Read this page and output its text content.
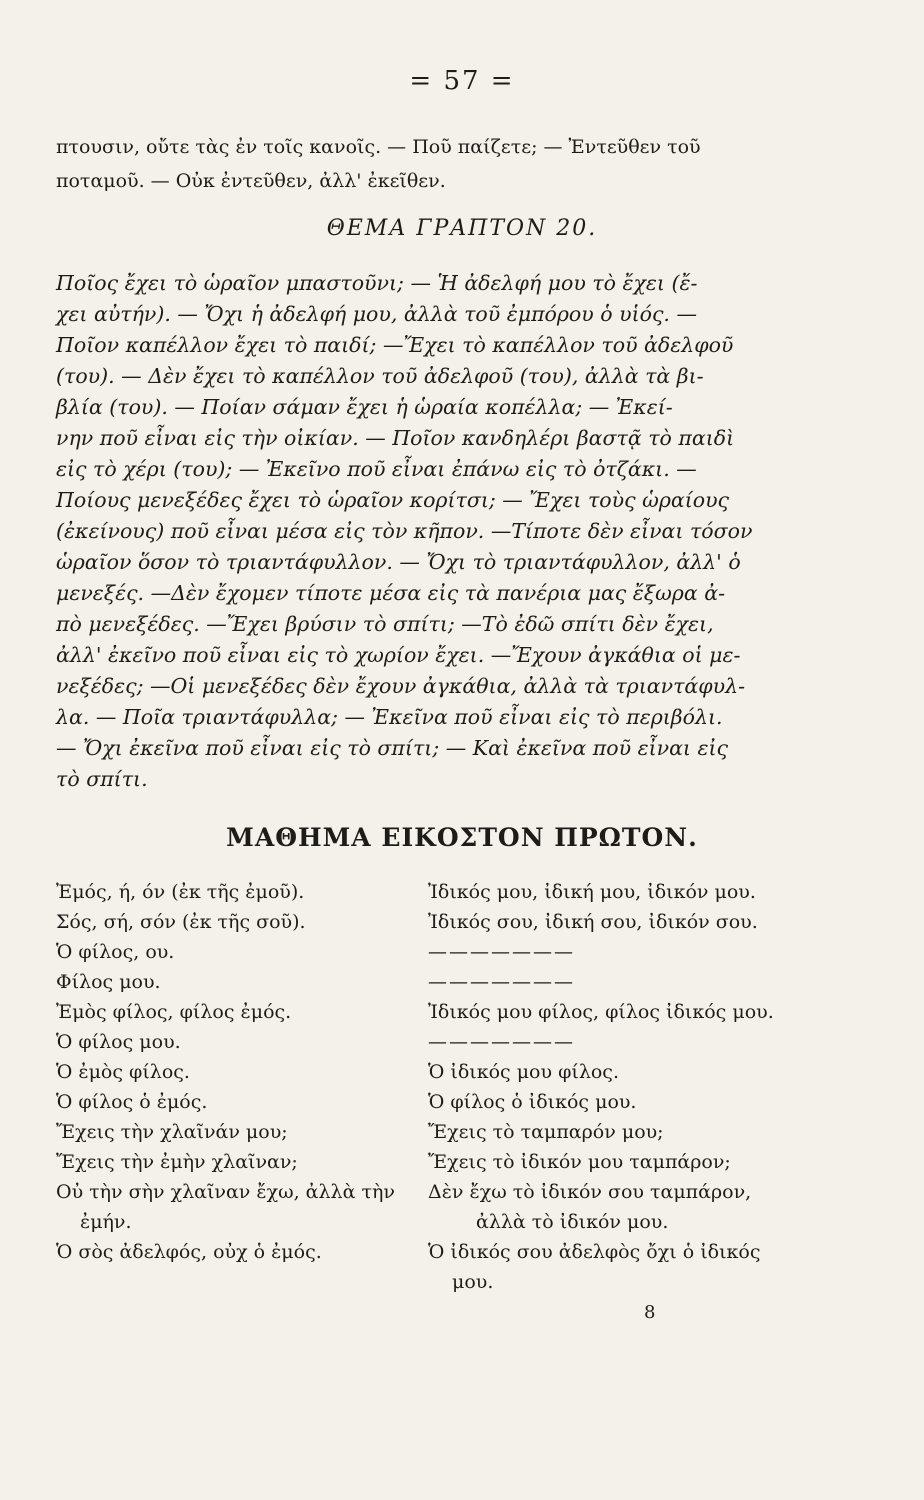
= 57 =

πτουσιν, οὔτε τὰς ἐν τοῖς κανοῖς. — Ποῦ παίζετε; — Ἐντεῦθεν τοῦ

ποταμοῦ. — Οὐκ ἐντεῦθεν, ἀλλ' ἐκεῖθεν.

ΘΕΜΑ ΓΡΑΠΤΟΝ 20.

Ποῖος ἔχει τὸ ὡραῖον μπαστοῦνι; — Ἡ ἀδελφή μου τὸ ἔχει (ἔ-

χει αὐτήν). — Ὄχι ἡ ἀδελφή μου, ἀλλὰ τοῦ ἐμπόρου ὁ υἱός. —

Ποῖον καπέλλον ἔχει τὸ παιδί; —Ἔχει τὸ καπέλλον τοῦ ἀδελφοῦ

(του). — Δὲν ἔχει τὸ καπέλλον τοῦ ἀδελφοῦ (του), ἀλλὰ τὰ βι-

βλία (του). — Ποίαν σάμαν ἔχει ἡ ὡραία κοπέλλα; — Ἐκεί-

νην ποῦ εἶναι εἰς τὴν οἰκίαν. — Ποῖον κανδηλέρι βαστᾷ τὸ παιδὶ

εἰς τὸ χέρι (του); — Ἐκεῖνο ποῦ εἶναι ἐπάνω εἰς τὸ ὀτζάκι. —

Ποίους μενεξέδες ἔχει τὸ ὡραῖον κορίτσι; — Ἔχει τοὺς ὡραίους

(ἐκείνους) ποῦ εἶναι μέσα εἰς τὸν κῆπον. —Τίποτε δὲν εἶναι τόσον

ὡραῖον ὅσον τὸ τριαντάφυλλον. — Ὄχι τὸ τριαντάφυλλον, ἀλλ' ὁ

μενεξές. —Δὲν ἔχομεν τίποτε μέσα εἰς τὰ πανέρια μας ἔξωρα ἀ-

πὸ μενεξέδες. —Ἔχει βρύσιν τὸ σπίτι; —Τὸ ἐδῶ σπίτι δὲν ἔχει,

ἀλλ' ἐκεῖνο ποῦ εἶναι εἰς τὸ χωρίον ἔχει. —Ἔχουν ἀγκάθια οἱ με-

νεξέδες; —Οἱ μενεξέδες δὲν ἔχουν ἀγκάθια, ἀλλὰ τὰ τριαντάφυλ-

λα. — Ποῖα τριαντάφυλλα; — Ἐκεῖνα ποῦ εἶναι εἰς τὸ περιβόλι.

— Ὄχι ἐκεῖνα ποῦ εἶναι εἰς τὸ σπίτι; — Καὶ ἐκεῖνα ποῦ εἶναι εἰς

τὸ σπίτι.

ΜΑΘΗΜΑ ΕΙΚΟΣΤΟΝ ΠΡΩΤΟΝ.
Ἐμός, ή, όν (ἐκ τῆς ἐμοῦ).
Σός, σή, σόν (ἐκ τῆς σοῦ).
Ὁ φίλος, ου.
Φίλος μου.
Ἐμὸς φίλος, φίλος ἐμός.
Ὁ φίλος μου.
Ὁ ἐμὸς φίλος.
Ὁ φίλος ὁ ἐμός.
Ἔχεις τὴν χλαῖνάν μου;
Ἔχεις τὴν ἐμὴν χλαῖναν;
Οὐ τὴν σὴν χλαῖναν ἔχω, ἀλλὰ τὴν
ἐμήν.
Ὁ σὸς ἀδελφός, οὐχ ὁ ἐμός.
Ἰδικός μου, ἰδική μου, ἰδικόν μου.
Ἰδικός σου, ἰδική σου, ἰδικόν σου.
———————
———————
Ἰδικός μου φίλος, φίλος ἰδικός μου.
———————
Ὁ ἰδικός μου φίλος.
Ὁ φίλος ὁ ἰδικός μου.
Ἔχεις τὸ ταμπαρόν μου;
Ἔχεις τὸ ἰδικόν μου ταμπάρον;
Δὲν ἔχω τὸ ἰδικόν σου ταμπάρον,
ἀλλὰ τὸ ἰδικόν μου.
Ὁ ἰδικός σου ἀδελφὸς ὄχι ὁ ἰδικός
μου.
8
